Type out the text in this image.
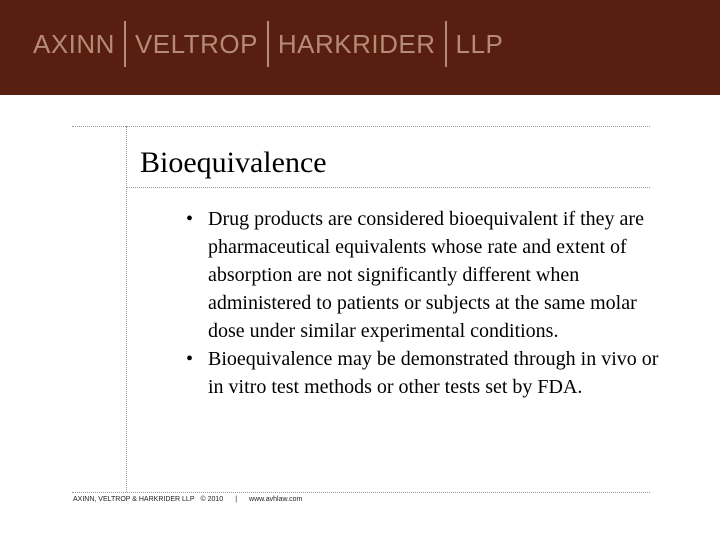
AXINN VELTROP HARKRIDER LLP
Bioequivalence
• Drug products are considered bioequivalent if they are pharmaceutical equivalents whose rate and extent of absorption are not significantly different when administered to patients or subjects at the same molar dose under similar experimental conditions.
• Bioequivalence may be demonstrated through in vivo or in vitro test methods or other tests set by FDA.
AXINN, VELTROP & HARKRIDER LLP © 2010 | www.avhlaw.com
